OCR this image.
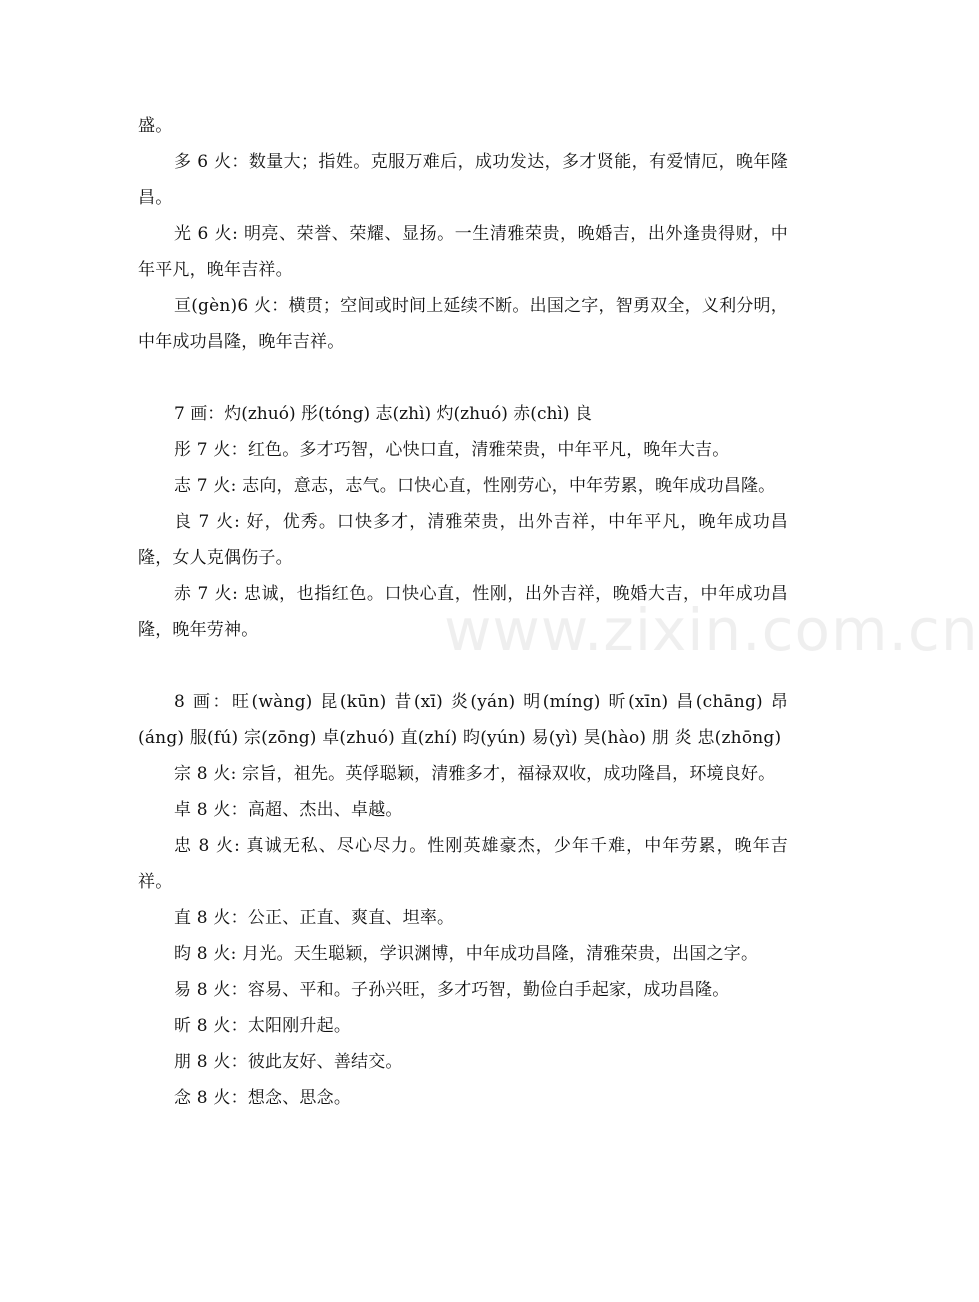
www.zixin.com.cn

盛。

多 6 火：数量大；指姓。克服万难后，成功发达，多才贤能，有爱情厄，晚年隆昌。

光 6 火: 明亮、荣誉、荣耀、显扬。一生清雅荣贵，晚婚吉，出外逢贵得财，中年平凡，晚年吉祥。

亘(gèn)6 火：横贯；空间或时间上延续不断。出国之字，智勇双全，义利分明，中年成功昌隆，晚年吉祥。

7 画：灼(zhuó) 彤(tóng) 志(zhì) 灼(zhuó) 赤(chì) 良

彤 7 火：红色。多才巧智，心快口直，清雅荣贵，中年平凡，晚年大吉。

志 7 火: 志向，意志，志气。口快心直，性刚劳心，中年劳累，晚年成功昌隆。

良 7 火: 好，优秀。口快多才，清雅荣贵，出外吉祥，中年平凡，晚年成功昌隆，女人克偶伤子。

赤 7 火: 忠诚，也指红色。口快心直，性刚，出外吉祥，晚婚大吉，中年成功昌隆，晚年劳神。

8 画：旺(wàng) 昆(kūn) 昔(xī) 炎(yán) 明(míng) 昕(xīn) 昌(chāng) 昂(áng) 服(fú) 宗(zōng) 卓(zhuó) 直(zhí) 昀(yún) 易(yì) 昊(hào) 朋 炎 忠(zhōng)

宗 8 火: 宗旨，祖先。英俘聪颖，清雅多才，福禄双收，成功隆昌，环境良好。

卓 8 火：高超、杰出、卓越。

忠 8 火: 真诚无私、尽心尽力。性刚英雄豪杰，少年千难，中年劳累，晚年吉祥。

直 8 火：公正、正直、爽直、坦率。

昀 8 火: 月光。天生聪颖，学识渊博，中年成功昌隆，清雅荣贵，出国之字。

易 8 火：容易、平和。子孙兴旺，多才巧智，勤俭白手起家，成功昌隆。

昕 8 火：太阳刚升起。

朋 8 火：彼此友好、善结交。

念 8 火：想念、思念。
